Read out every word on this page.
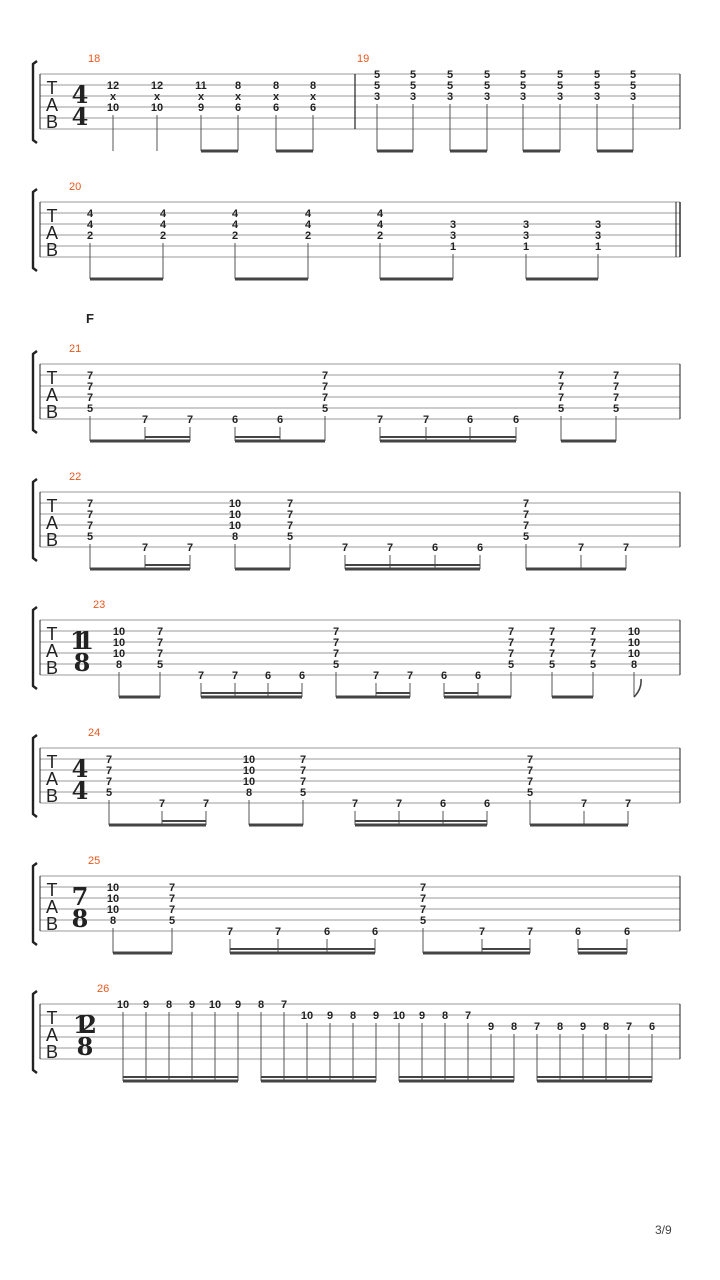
T
A
B
18
4
4
12
x
10
12
x
10
11
x
9
8
x
6
8
x
6
8
x
6
19
5
5
3
5
5
3
5
5
3
5
5
3
5
5
3
5
5
3
5
5
3
5
5
3
T
A
B
20
4
4
2
4
4
2
4
4
2
4
4
2
4
4
2
3
3
1
3
3
1
3
3
1
T
A
B
F
21
7
7
7
5
7	7	6	6
7
7
7
5
7	7	6	6
7
7
7
5
7
7
7
5
T
A
B
22
7
7
7
5
7	7
10
10
10
8
7
7
7
5
7	7	6	6
7
7
7
5
7	7
T
A
B
23
11
8
10
10
10
8
7
7
7
5
7	7 6	6
7
7
7
5
7	7	6	6
7
7
7
5
7
7
7
5
7
7
7
5
10
10
10
8
T
A
B
24
4
4
7
7
7
5
7	7
10
10
10
8
7
7
7
5
7	7	6	6
7
7
7
5
7	7
T
A
B
25
7
8
10
10
10
8
7
7
7
5
7	7	6	6
7
7
7
5
7	7	6	6
T
A
B
26
12
8
10 9 8 9 10 9 8 7
10 9 8 9 10 9 8 7
9 8 7 8 9 8 7 6
3/9
